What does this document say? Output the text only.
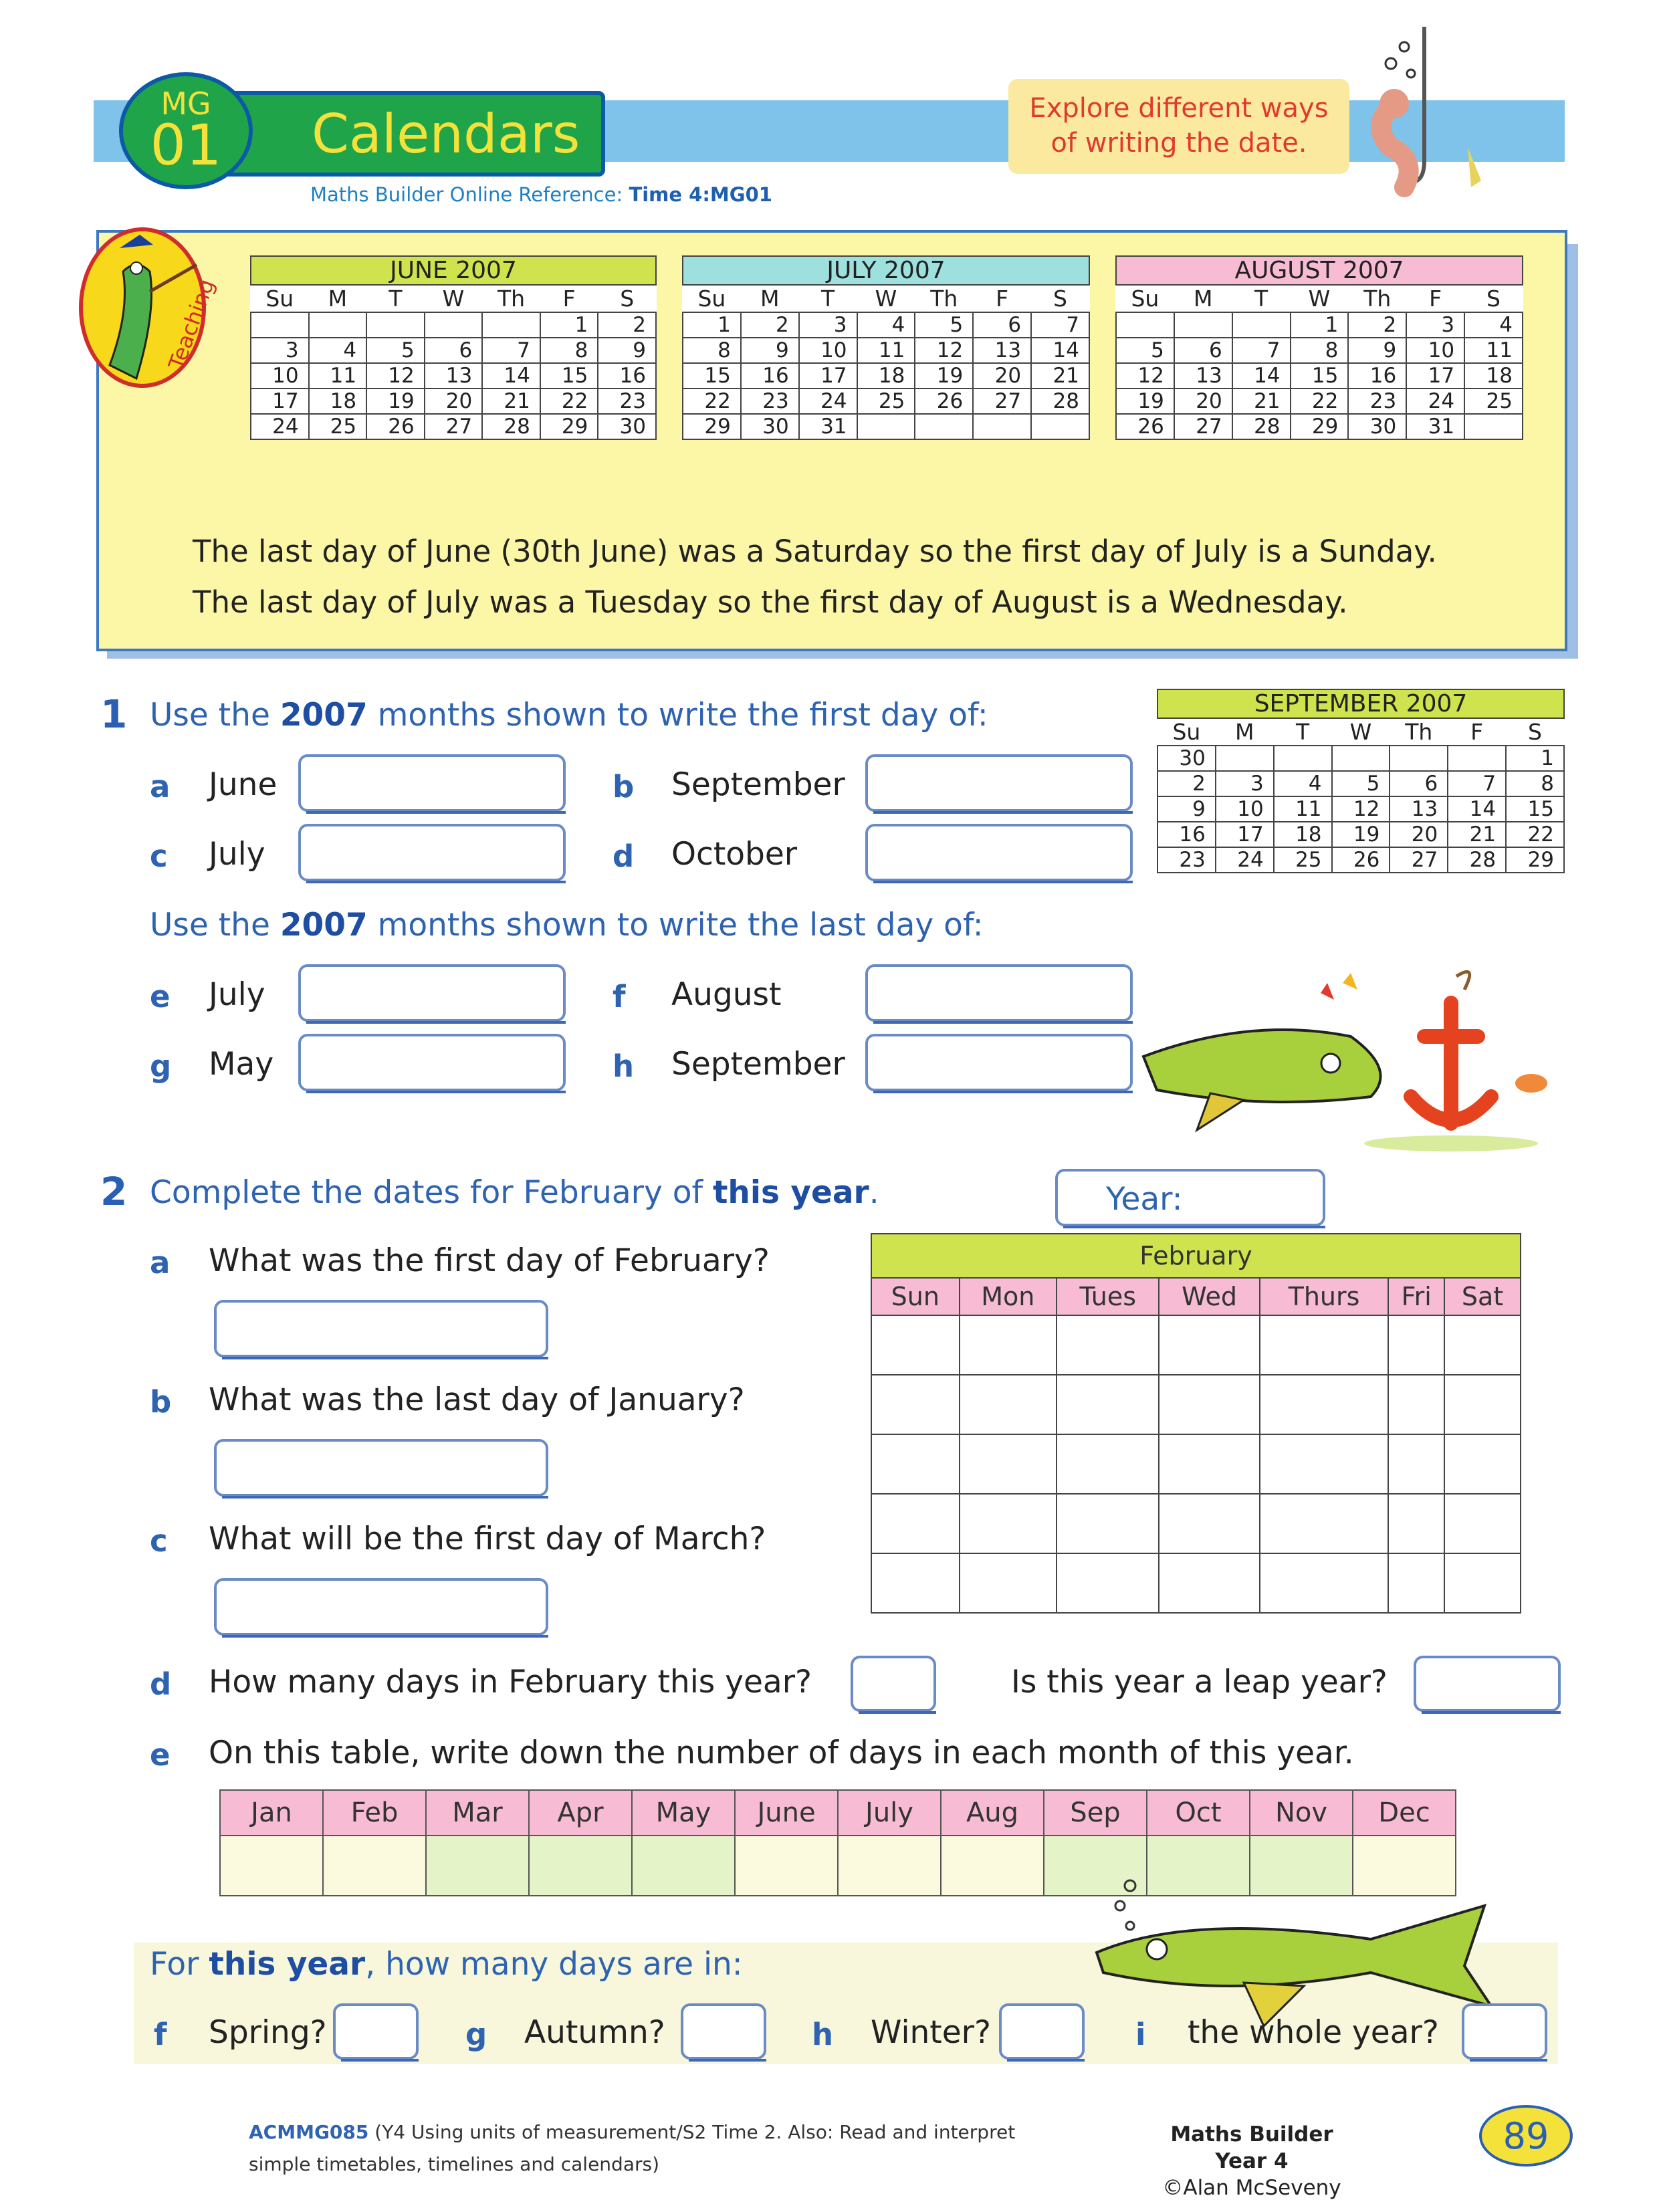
Calendars
MG
01
Explore different ways
of writing the date.
Maths Builder Online Reference: Time 4:MG01
Teaching
JUNE 2007						
Su	M	T	W	Th	F	S
					1	2
3	4	5	6	7	8	9
10	11	12	13	14	15	16
17	18	19	20	21	22	23
24	25	26	27	28	29	30
JULY 2007						
Su	M	T	W	Th	F	S
1	2	3	4	5	6	7
8	9	10	11	12	13	14
15	16	17	18	19	20	21
22	23	24	25	26	27	28
29	30	31				
AUGUST 2007						
Su	M	T	W	Th	F	S
			1	2	3	4
5	6	7	8	9	10	11
12	13	14	15	16	17	18
19	20	21	22	23	24	25
26	27	28	29	30	31	
The last day of June (30th June) was a Saturday so the first day of July is a Sunday.
The last day of July was a Tuesday so the first day of August is a Wednesday.
SEPTEMBER 2007						
Su	M	T	W	Th	F	S
30						1
2	3	4	5	6	7	8
9	10	11	12	13	14	15
16	17	18	19	20	21	22
23	24	25	26	27	28	29
1 Use the 2007 months shown to write the first day of:
a June	b September
c July	d October
Use the 2007 months shown to write the last day of:
e July	f August
g May	h September
2 Complete the dates for February of this year.	Year:
a What was the first day of February?
b What was the last day of January?
c What will be the first day of March?
February						
Sun	Mon	Tues	Wed	Thurs	Fri	Sat

d How many days in February this year?	Is this year a leap year?
e On this table, write down the number of days in each month of this year.
Jan	Feb	Mar	Apr	May	June	July	Aug	Sep	Oct	Nov	Dec

For this year, how many days are in:
f Spring?	g Autumn?	h Winter?	i the whole year?
ACMMG085 (Y4 Using units of measurement/S2 Time 2. Also: Read and interpret
simple timetables, timelines and calendars)
Maths Builder Year 4
©Alan McSeveny
89
